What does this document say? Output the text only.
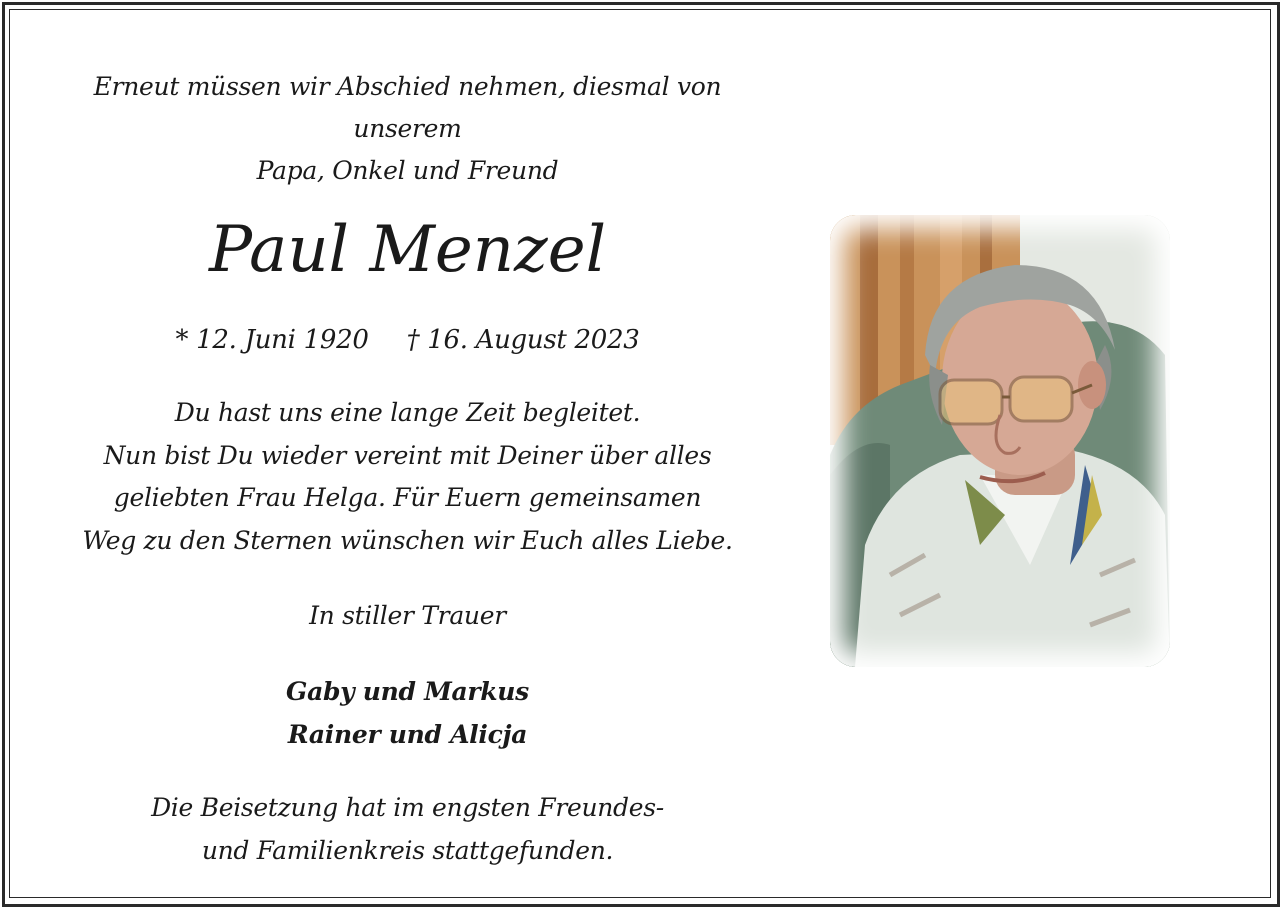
Erneut müssen wir Abschied nehmen, diesmal von unserem
Papa, Onkel und Freund
Paul Menzel
* 12. Juni 1920 † 16. August 2023
Du hast uns eine lange Zeit begleitet.
Nun bist Du wieder vereint mit Deiner über alles
geliebten Frau Helga. Für Euern gemeinsamen
Weg zu den Sternen wünschen wir Euch alles Liebe.
In stiller Trauer
Gaby und Markus
Rainer und Alicja
Die Beisetzung hat im engsten Freundes-
und Familienkreis stattgefunden.
